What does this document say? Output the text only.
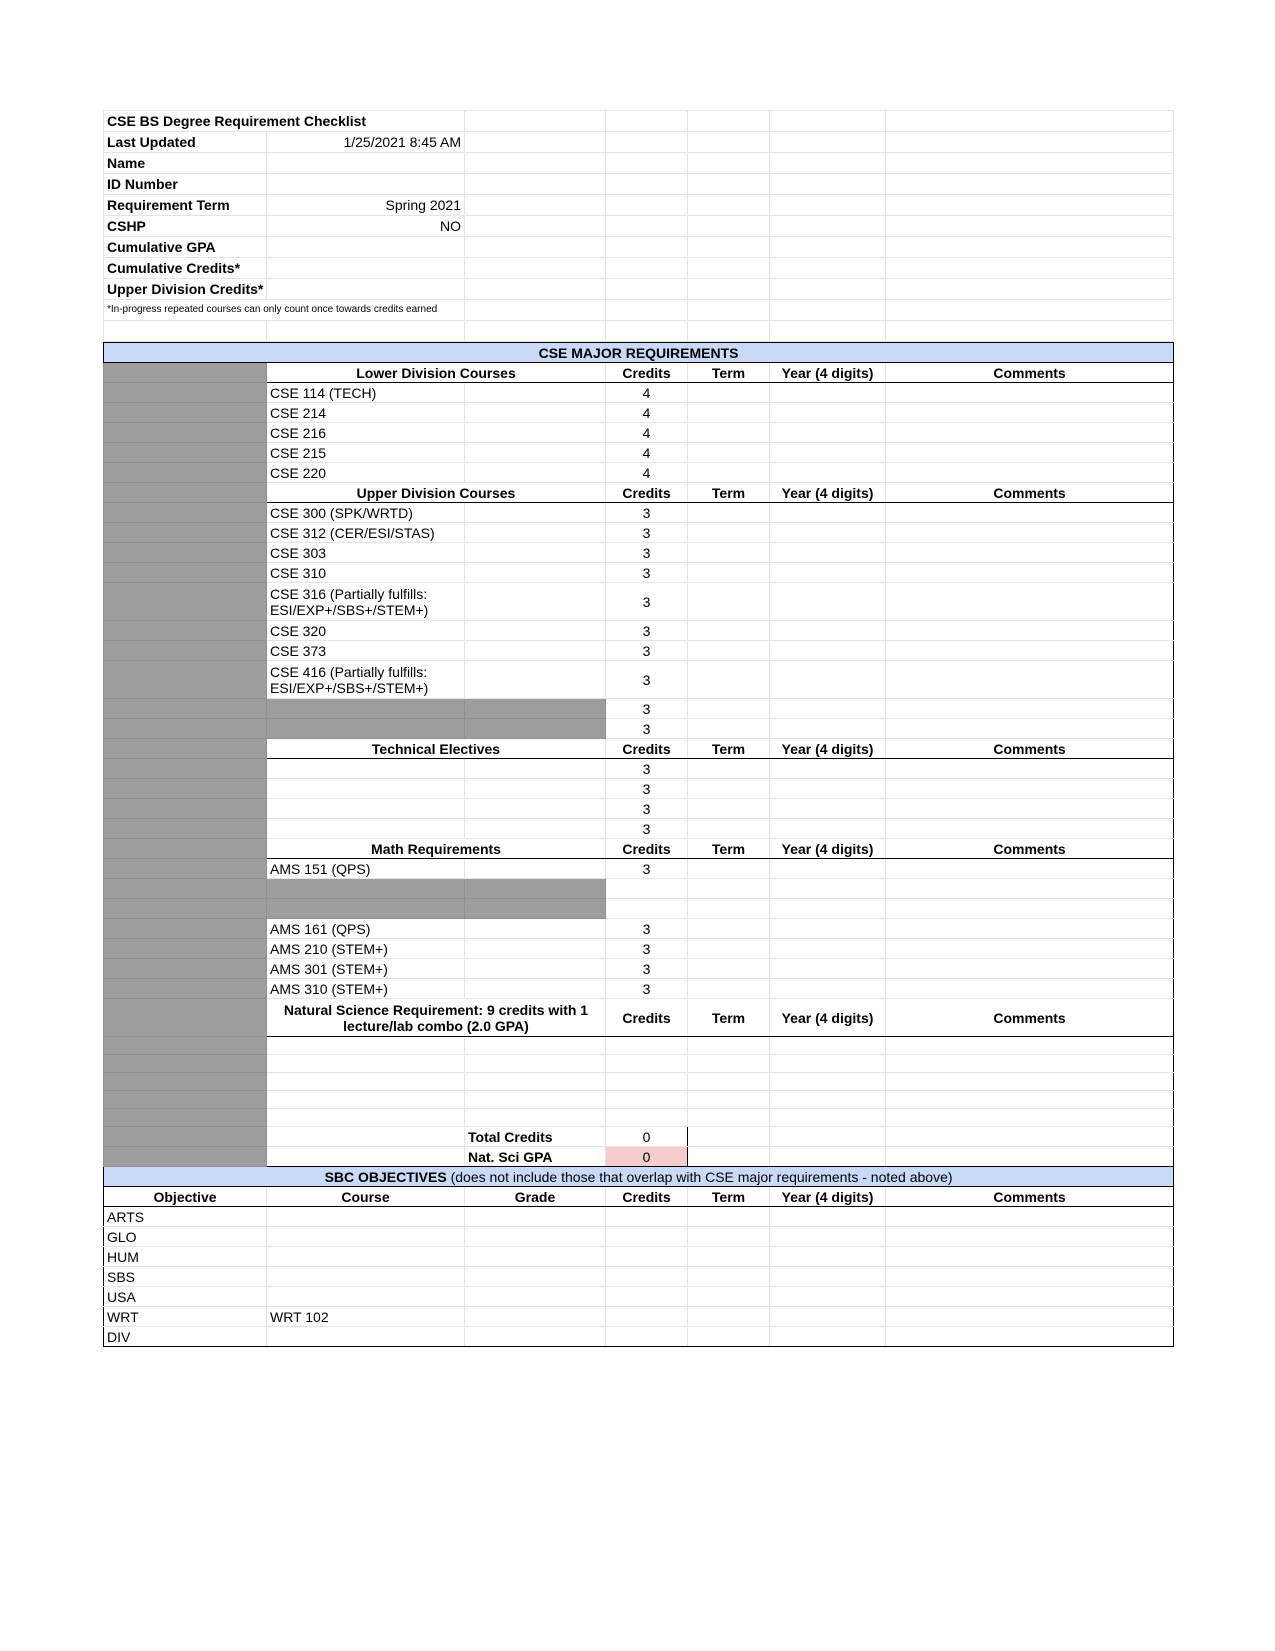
CSE BS Degree Requirement Checklist						
Last Updated	1/25/2021 8:45 AM					
Name						
ID Number						
Requirement Term	Spring 2021					
CSHP	NO					
Cumulative GPA						
Cumulative Credits*						
Upper Division Credits*						
*In-progress repeated courses can only count once towards credits earned						

CSE MAJOR REQUIREMENTS						
	Lower Division Courses		Credits	Term	Year (4 digits)	Comments
	CSE 114 (TECH)		4			
	CSE 214		4			
	CSE 216		4			
	CSE 215		4			
	CSE 220		4			
	Upper Division Courses		Credits	Term	Year (4 digits)	Comments
	CSE 300 (SPK/WRTD)		3			
	CSE 312 (CER/ESI/STAS)		3			
	CSE 303		3			
	CSE 310		3			
	CSE 316 (Partially fulfills: ESI/EXP+/SBS+/STEM+)		3			
	CSE 320		3			
	CSE 373		3			
	CSE 416 (Partially fulfills: ESI/EXP+/SBS+/STEM+)		3			
			3			
			3			
	Technical Electives		Credits	Term	Year (4 digits)	Comments
			3			
			3			
			3			
			3			
	Math Requirements		Credits	Term	Year (4 digits)	Comments
	AMS 151 (QPS)		3			

	AMS 161 (QPS)		3			
	AMS 210 (STEM+)		3			
	AMS 301 (STEM+)		3			
	AMS 310 (STEM+)		3			
	Natural Science Requirement: 9 credits with 1 lecture/lab combo (2.0 GPA)		Credits	Term	Year (4 digits)	Comments

		Total Credits	0			
		Nat. Sci GPA	0			
SBC OBJECTIVES (does not include those that overlap with CSE major requirements - noted above)						
Objective	Course	Grade	Credits	Term	Year (4 digits)	Comments
ARTS						
GLO						
HUM						
SBS						
USA						
WRT	WRT 102					
DIV						
